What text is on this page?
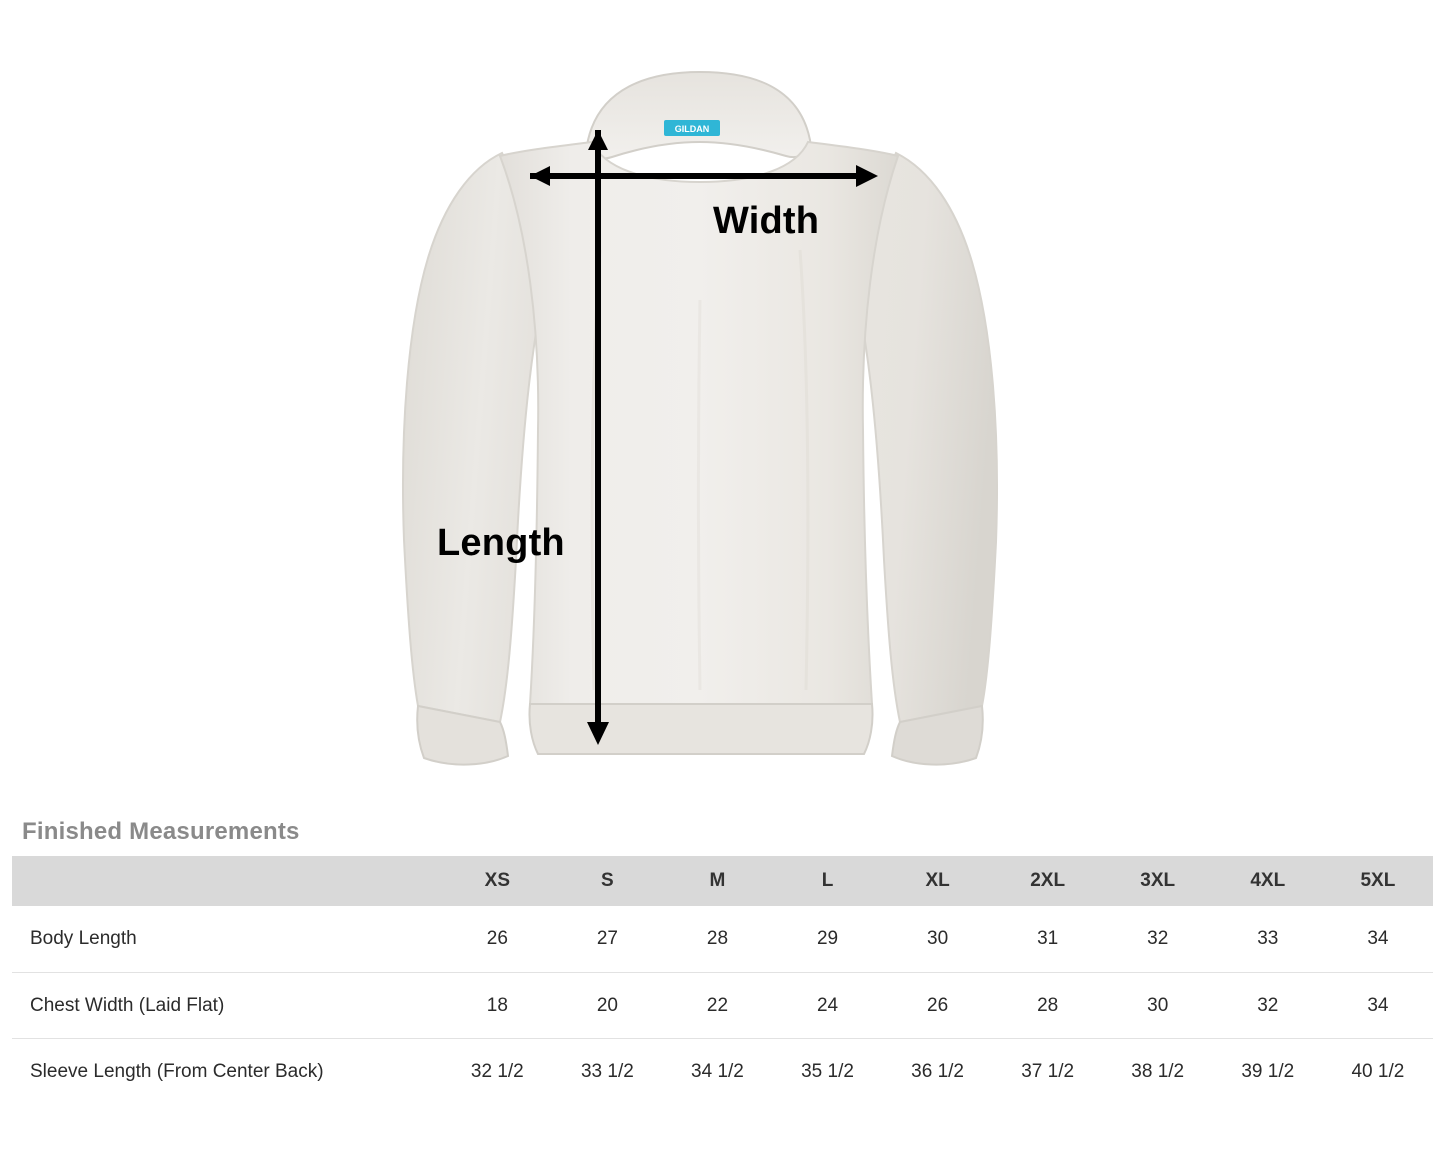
GILDAN
Width
Length
Finished Measurements
	XS	S	M	L	XL	2XL	3XL	4XL	5XL
Body Length	26	27	28	29	30	31	32	33	34
Chest Width (Laid Flat)	18	20	22	24	26	28	30	32	34
Sleeve Length (From Center Back)	32 1/2	33 1/2	34 1/2	35 1/2	36 1/2	37 1/2	38 1/2	39 1/2	40 1/2
